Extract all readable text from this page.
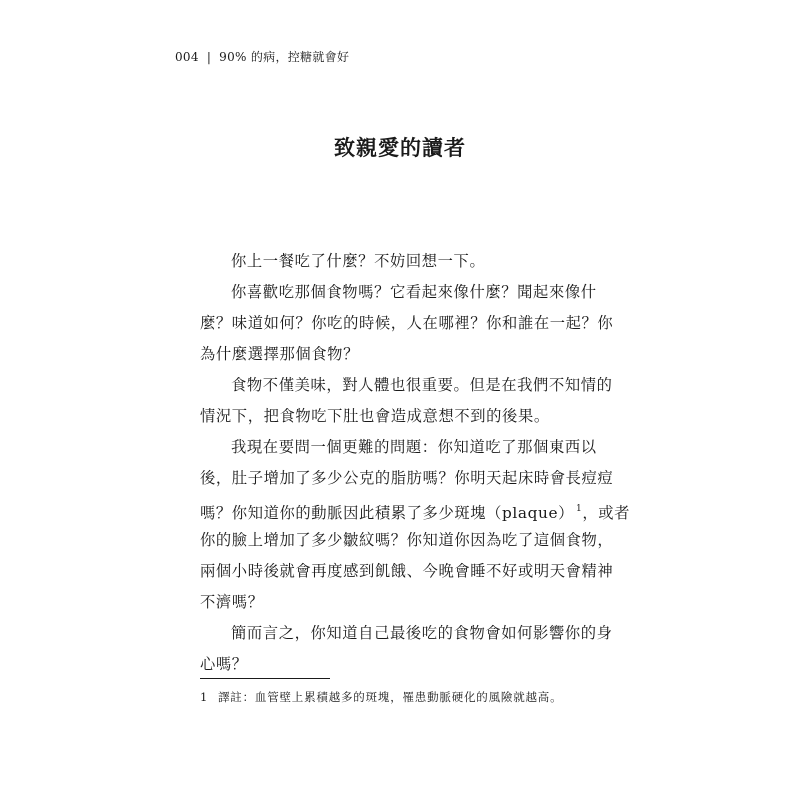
004 | 90% 的病，控糖就會好
致親愛的讀者
你上一餐吃了什麼？不妨回想一下。
你喜歡吃那個食物嗎？它看起來像什麼？聞起來像什
麼？味道如何？你吃的時候，人在哪裡？你和誰在一起？你
為什麼選擇那個食物？
食物不僅美味，對人體也很重要。但是在我們不知情的
情況下，把食物吃下肚也會造成意想不到的後果。
我現在要問一個更難的問題：你知道吃了那個東西以
後，肚子增加了多少公克的脂肪嗎？你明天起床時會長痘痘
嗎？你知道你的動脈因此積累了多少斑塊（plaque） $^1$，或者
你的臉上增加了多少皺紋嗎？你知道你因為吃了這個食物，
兩個小時後就會再度感到飢餓、今晚會睡不好或明天會精神
不濟嗎？
簡而言之，你知道自己最後吃的食物會如何影響你的身
心嗎？
1 譯註：血管壁上累積越多的斑塊，罹患動脈硬化的風險就越高。
